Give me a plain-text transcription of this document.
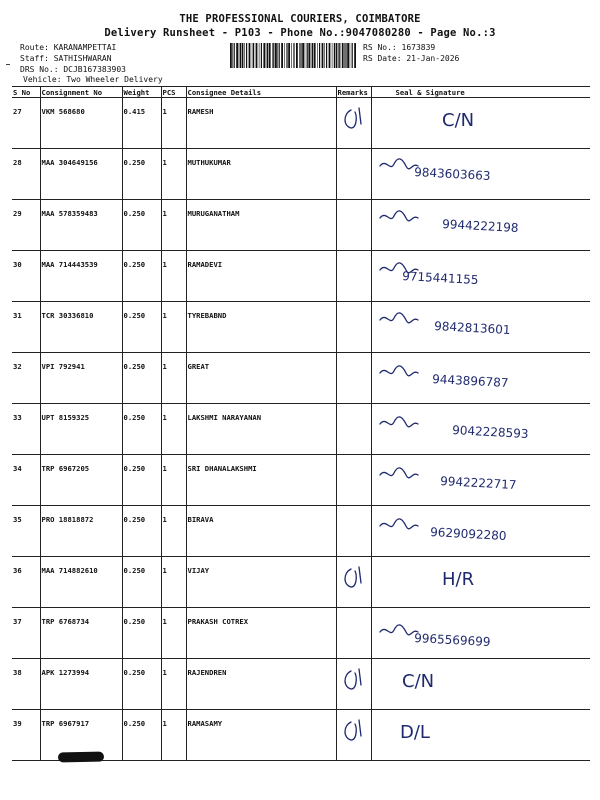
THE PROFESSIONAL COURIERS, COIMBATORE
Delivery Runsheet - P103 - Phone No.:9047080280 - Page No.:3
Route: KARANAMPETTAI
Staff: SATHISHWARAN
DRS No.: DCJB167383903
Vehicle: Two Wheeler Delivery
RS No.: 1673839
RS Date: 21-Jan-2026
S No	Consignment No	Weight	PCS	Consignee Details	Remarks	Seal & Signature
27	VKM 568680	0.415	1	RAMESH	C/N	C/N

28	MAA 304649156	0.250	1	MUTHUKUMAR		9843603663

29	MAA 578359483	0.250	1	MURUGANATHAM		9944222198

30	MAA 714443539	0.250	1	RAMADEVI		9715441155

31	TCR 30336810	0.250	1	TYREBABND		9842813601

32	VPI 792941	0.250	1	GREAT		9443896787

33	UPT 8159325	0.250	1	LAKSHMI NARAYANAN		9042228593

34	TRP 6967205	0.250	1	SRI DHANALAKSHMI		9942222717

35	PRO 18818872	0.250	1	BIRAVA		9629092280

36	MAA 714882610	0.250	1	VIJAY	H/R	H/R

37	TRP 6768734	0.250	1	PRAKASH COTREX		9965569699

38	APK 1273994	0.250	1	RAJENDREN	C/N	C/N

39	TRP 6967917	0.250	1	RAMASAMY	D/L	D/L
